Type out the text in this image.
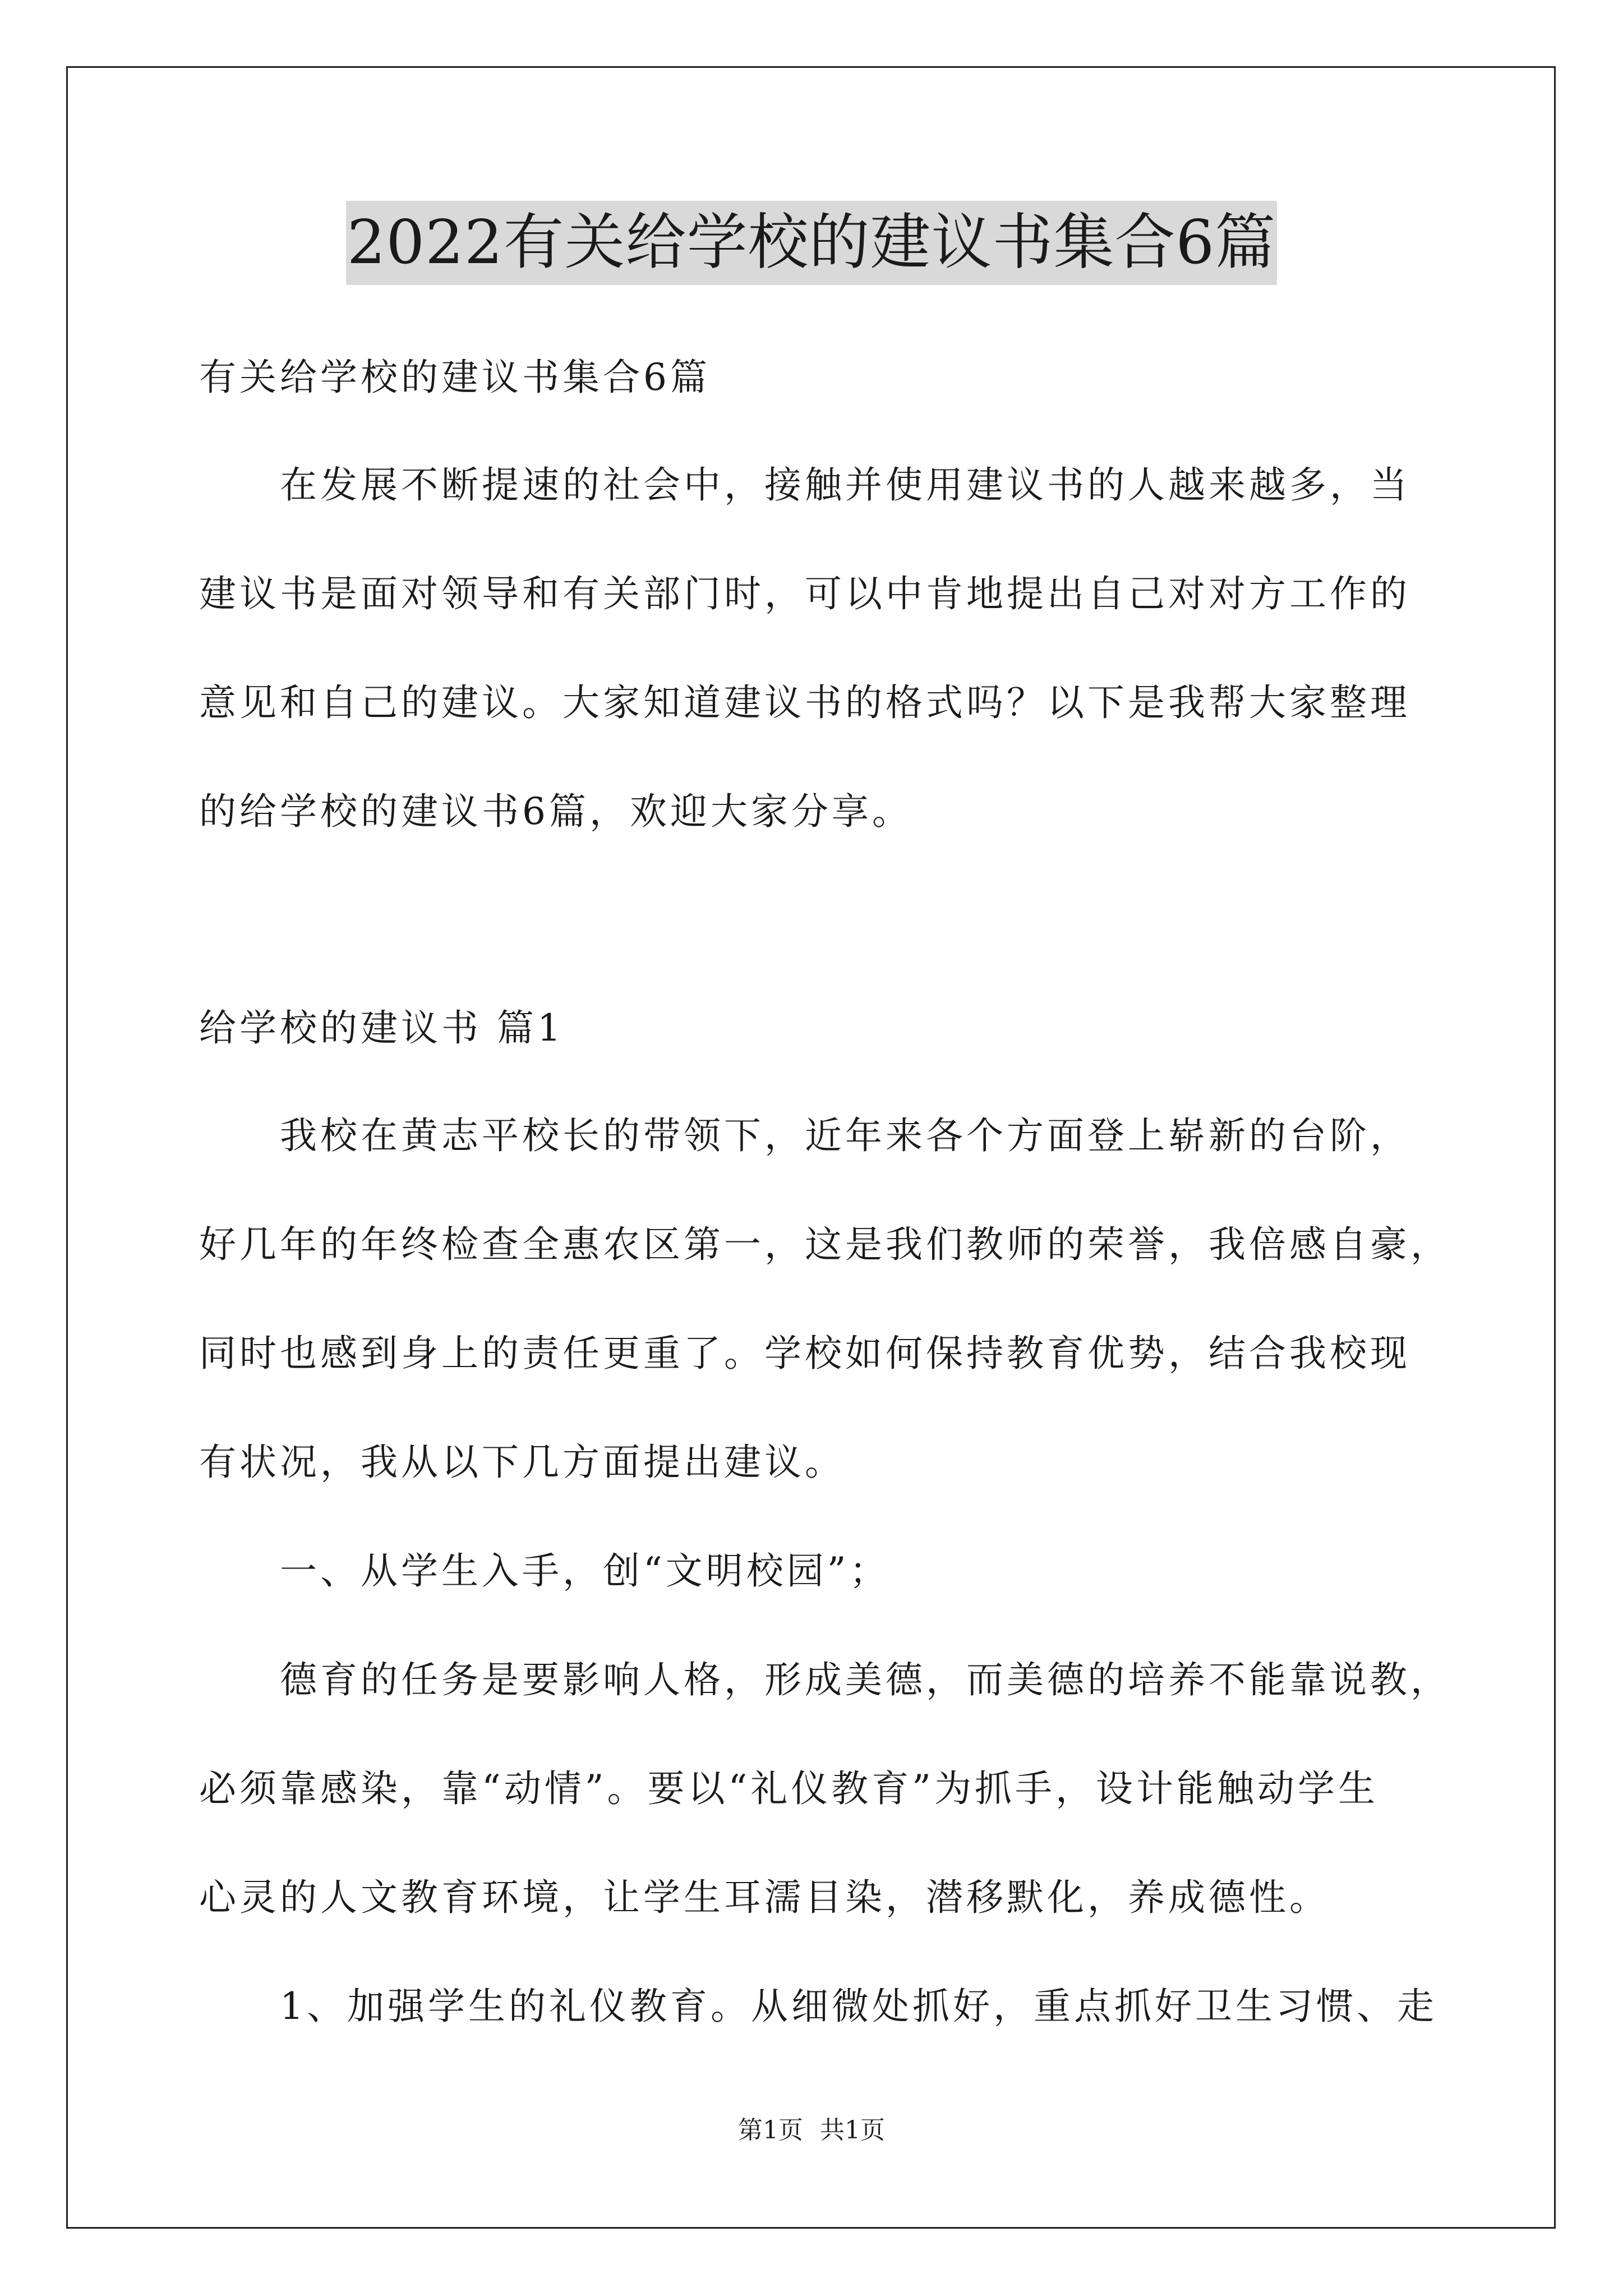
2022有关给学校的建议书集合6篇
有关给学校的建议书集合6篇
　　在发展不断提速的社会中，接触并使用建议书的人越来越多，当
建议书是面对领导和有关部门时，可以中肯地提出自己对对方工作的
意见和自己的建议。大家知道建议书的格式吗？以下是我帮大家整理
的给学校的建议书6篇，欢迎大家分享。
给学校的建议书 篇1
　　我校在黄志平校长的带领下，近年来各个方面登上崭新的台阶，
好几年的年终检查全惠农区第一，这是我们教师的荣誉，我倍感自豪，
同时也感到身上的责任更重了。学校如何保持教育优势，结合我校现
有状况，我从以下几方面提出建议。
　　一、从学生入手，创“文明校园”；
　　德育的任务是要影响人格，形成美德，而美德的培养不能靠说教，
必须靠感染，靠“动情”。要以“礼仪教育”为抓手，设计能触动学生
心灵的人文教育环境，让学生耳濡目染，潜移默化，养成德性。
　　1、加强学生的礼仪教育。从细微处抓好，重点抓好卫生习惯、走
第1页 共1页
